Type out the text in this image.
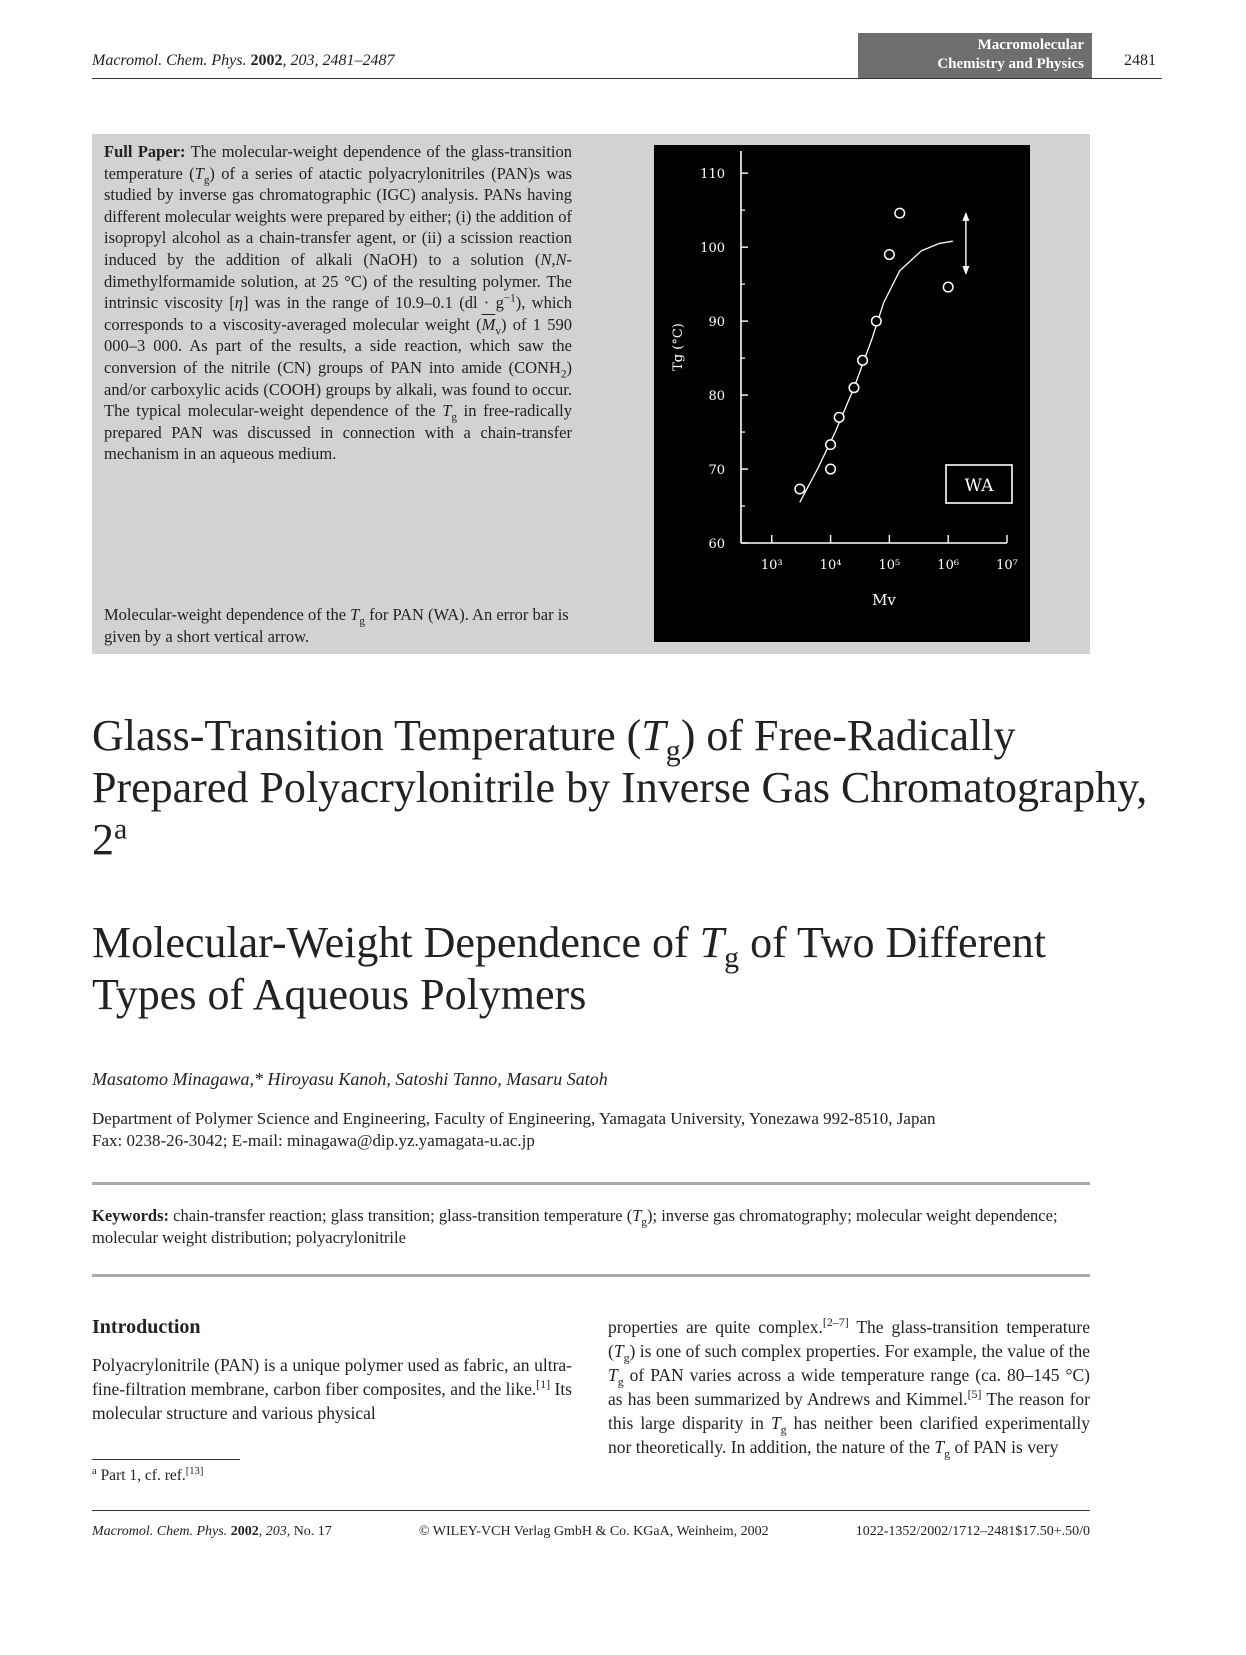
Macromol. Chem. Phys. 2002, 203, 2481–2487
Macromolecular
Chemistry and Physics	2481
Full Paper: The molecular-weight dependence of the glass-transition temperature $(T_g)$ of a series of atactic polyacrylonitriles (PAN)s was studied by inverse gas chromatographic (IGC) analysis. PANs having different molecular weights were prepared by either; (i) the addition of isopropyl alcohol as a chain-transfer agent, or (ii) a scission reaction induced by the addition of alkali (NaOH) to a solution (N,N-dimethylformamide solution, at 25 °C) of the resulting polymer. The intrinsic viscosity [η] was in the range of 10.9–0.1 $(dl \cdot g^{-1})$, which corresponds to a viscosity-averaged molecular weight $(\overline{M}_v)$ of 1 590 000–3 000. As part of the results, a side reaction, which saw the conversion of the nitrile (CN) groups of PAN into amide $(CONH_2)$ and/or carboxylic acids (COOH) groups by alkali, was found to occur. The typical molecular-weight dependence of the $T_g$ in free-radically prepared PAN was discussed in connection with a chain-transfer mechanism in an aqueous medium.
Molecular-weight dependence of the $T_g$ for PAN (WA). An error bar is given by a short vertical arrow.
60
70
80
90
100
110
10³	10⁴	10⁵	10⁶	10⁷
Mv
Tg (°C)
WA
Glass-Transition Temperature $(T_g)$ of Free-Radically Prepared Polyacrylonitrile by Inverse Gas Chromatography, 2$^a$
Molecular-Weight Dependence of $T_g$ of Two Different Types of Aqueous Polymers
Masatomo Minagawa,* Hiroyasu Kanoh, Satoshi Tanno, Masaru Satoh
Department of Polymer Science and Engineering, Faculty of Engineering, Yamagata University, Yonezawa 992-8510, Japan
Fax: 0238-26-3042; E-mail: minagawa@dip.yz.yamagata-u.ac.jp
Keywords: chain-transfer reaction; glass transition; glass-transition temperature $(T_g)$; inverse gas chromatography; molecular weight dependence; molecular weight distribution; polyacrylonitrile
Introduction
Polyacrylonitrile (PAN) is a unique polymer used as fabric, an ultra-fine-filtration membrane, carbon fiber composites, and the like.[1] Its molecular structure and various physical
properties are quite complex.[2–7] The glass-transition temperature $(T_g)$ is one of such complex properties. For example, the value of the $T_g$ of PAN varies across a wide temperature range (ca. 80–145 °C) as has been summarized by Andrews and Kimmel.[5] The reason for this large disparity in $T_g$ has neither been clarified experimentally nor theoretically. In addition, the nature of the $T_g$ of PAN is very
$^a$ Part 1, cf. ref.[13]
Macromol. Chem. Phys. 2002, 203, No. 17	© WILEY-VCH Verlag GmbH & Co. KGaA, Weinheim, 2002	1022-1352/2002/1712–2481$17.50+.50/0
